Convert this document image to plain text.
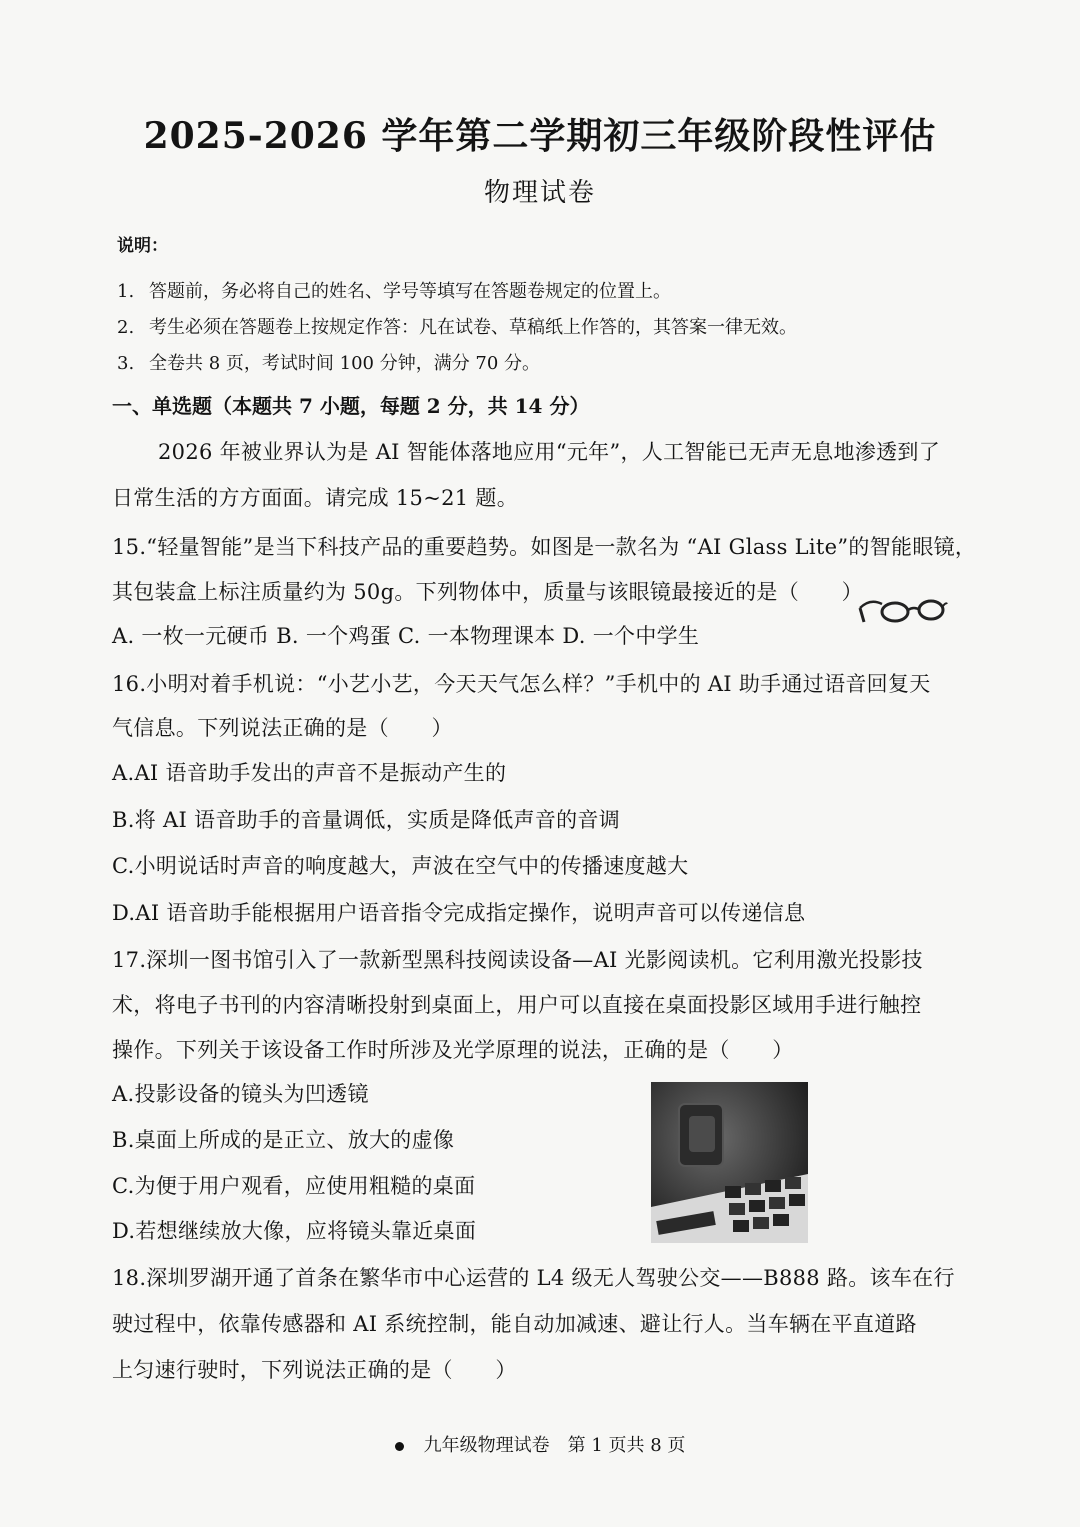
2025-2026 学年第二学期初三年级阶段性评估
物理试卷
说明：
1. 答题前，务必将自己的姓名、学号等填写在答题卷规定的位置上。
2. 考生必须在答题卷上按规定作答：凡在试卷、草稿纸上作答的，其答案一律无效。
3. 全卷共 8 页，考试时间 100 分钟，满分 70 分。
一、单选题（本题共 7 小题，每题 2 分，共 14 分）
2026 年被业界认为是 AI 智能体落地应用“元年”，人工智能已无声无息地渗透到了
日常生活的方方面面。请完成 15~21 题。
15.“轻量智能”是当下科技产品的重要趋势。如图是一款名为 “AI Glass Lite”的智能眼镜，
其包装盒上标注质量约为 50g。下列物体中，质量与该眼镜最接近的是（　　）
A. 一枚一元硬币 B. 一个鸡蛋 C. 一本物理课本 D. 一个中学生
16.小明对着手机说：“小艺小艺，今天天气怎么样？”手机中的 AI 助手通过语音回复天
气信息。下列说法正确的是（　　）
A.AI 语音助手发出的声音不是振动产生的
B.将 AI 语音助手的音量调低，实质是降低声音的音调
C.小明说话时声音的响度越大，声波在空气中的传播速度越大
D.AI 语音助手能根据用户语音指令完成指定操作，说明声音可以传递信息
17.深圳一图书馆引入了一款新型黑科技阅读设备—AI 光影阅读机。它利用激光投影技
术，将电子书刊的内容清晰投射到桌面上，用户可以直接在桌面投影区域用手进行触控
操作。下列关于该设备工作时所涉及光学原理的说法，正确的是（　　）
A.投影设备的镜头为凹透镜
B.桌面上所成的是正立、放大的虚像
C.为便于用户观看，应使用粗糙的桌面
D.若想继续放大像，应将镜头靠近桌面
18.深圳罗湖开通了首条在繁华市中心运营的 L4 级无人驾驶公交——B888 路。该车在行
驶过程中，依靠传感器和 AI 系统控制，能自动加减速、避让行人。当车辆在平直道路
上匀速行驶时，下列说法正确的是（　　）
九年级物理试卷 第 1 页共 8 页
